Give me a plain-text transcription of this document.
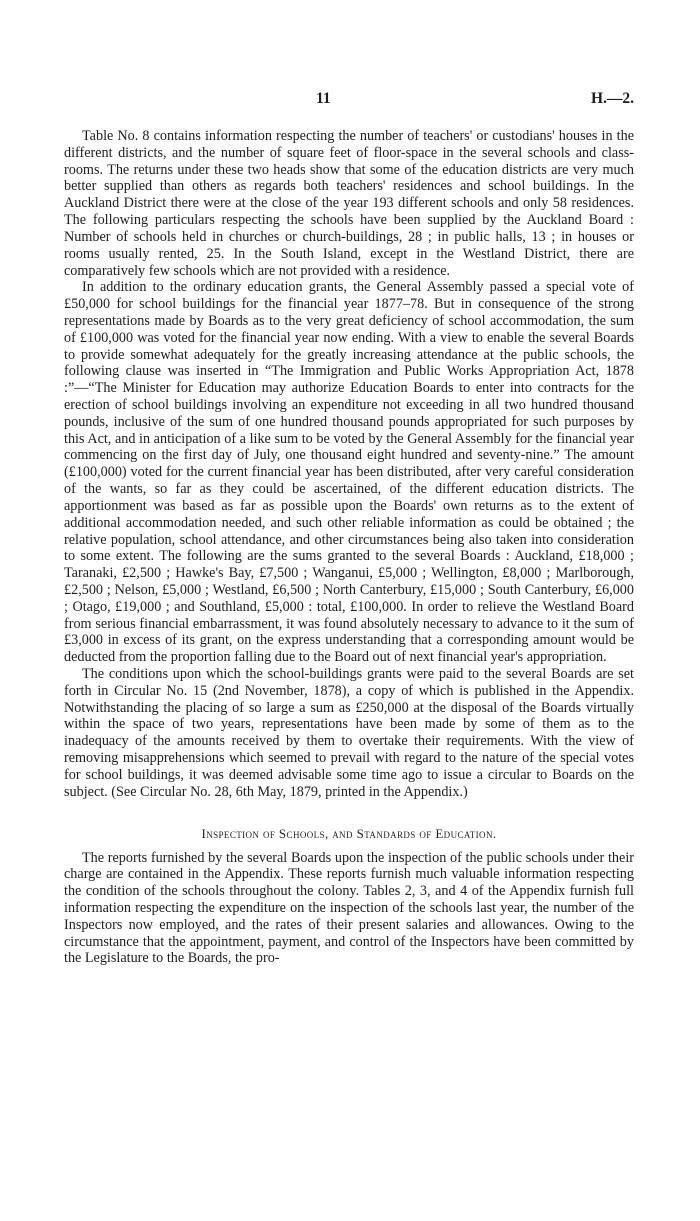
11	H.—2.

Table No. 8 contains information respecting the number of teachers' or custodians' houses in the different districts, and the number of square feet of floor-space in the several schools and class-rooms. The returns under these two heads show that some of the education districts are very much better supplied than others as regards both teachers' residences and school buildings. In the Auckland District there were at the close of the year 193 different schools and only 58 residences. The following particulars respecting the schools have been supplied by the Auckland Board : Number of schools held in churches or church-buildings, 28 ; in public halls, 13 ; in houses or rooms usually rented, 25. In the South Island, except in the Westland District, there are comparatively few schools which are not provided with a residence.

In addition to the ordinary education grants, the General Assembly passed a special vote of £50,000 for school buildings for the financial year 1877–78. But in consequence of the strong representations made by Boards as to the very great deficiency of school accommodation, the sum of £100,000 was voted for the financial year now ending. With a view to enable the several Boards to provide somewhat adequately for the greatly increasing attendance at the public schools, the following clause was inserted in “The Immigration and Public Works Appropriation Act, 1878 :”—“The Minister for Education may authorize Education Boards to enter into contracts for the erection of school buildings involving an expenditure not exceeding in all two hundred thousand pounds, inclusive of the sum of one hundred thousand pounds appropriated for such purposes by this Act, and in anticipation of a like sum to be voted by the General Assembly for the financial year commencing on the first day of July, one thousand eight hundred and seventy-nine.” The amount (£100,000) voted for the current financial year has been distributed, after very careful consideration of the wants, so far as they could be ascertained, of the different education districts. The apportionment was based as far as possible upon the Boards' own returns as to the extent of additional accommodation needed, and such other reliable information as could be obtained ; the relative population, school attendance, and other circumstances being also taken into consideration to some extent. The following are the sums granted to the several Boards : Auckland, £18,000 ; Taranaki, £2,500 ; Hawke's Bay, £7,500 ; Wanganui, £5,000 ; Wellington, £8,000 ; Marlborough, £2,500 ; Nelson, £5,000 ; Westland, £6,500 ; North Canterbury, £15,000 ; South Canterbury, £6,000 ; Otago, £19,000 ; and Southland, £5,000 : total, £100,000. In order to relieve the Westland Board from serious financial embarrassment, it was found absolutely necessary to advance to it the sum of £3,000 in excess of its grant, on the express understanding that a corresponding amount would be deducted from the proportion falling due to the Board out of next financial year's appropriation.

The conditions upon which the school-buildings grants were paid to the several Boards are set forth in Circular No. 15 (2nd November, 1878), a copy of which is published in the Appendix. Notwithstanding the placing of so large a sum as £250,000 at the disposal of the Boards virtually within the space of two years, representations have been made by some of them as to the inadequacy of the amounts received by them to overtake their requirements. With the view of removing misapprehensions which seemed to prevail with regard to the nature of the special votes for school buildings, it was deemed advisable some time ago to issue a circular to Boards on the subject. (See Circular No. 28, 6th May, 1879, printed in the Appendix.)

Inspection of Schools, and Standards of Education.

The reports furnished by the several Boards upon the inspection of the public schools under their charge are contained in the Appendix. These reports furnish much valuable information respecting the condition of the schools throughout the colony. Tables 2, 3, and 4 of the Appendix furnish full information respecting the expenditure on the inspection of the schools last year, the number of the Inspectors now employed, and the rates of their present salaries and allowances. Owing to the circumstance that the appointment, payment, and control of the Inspectors have been committed by the Legislature to the Boards, the pro-
